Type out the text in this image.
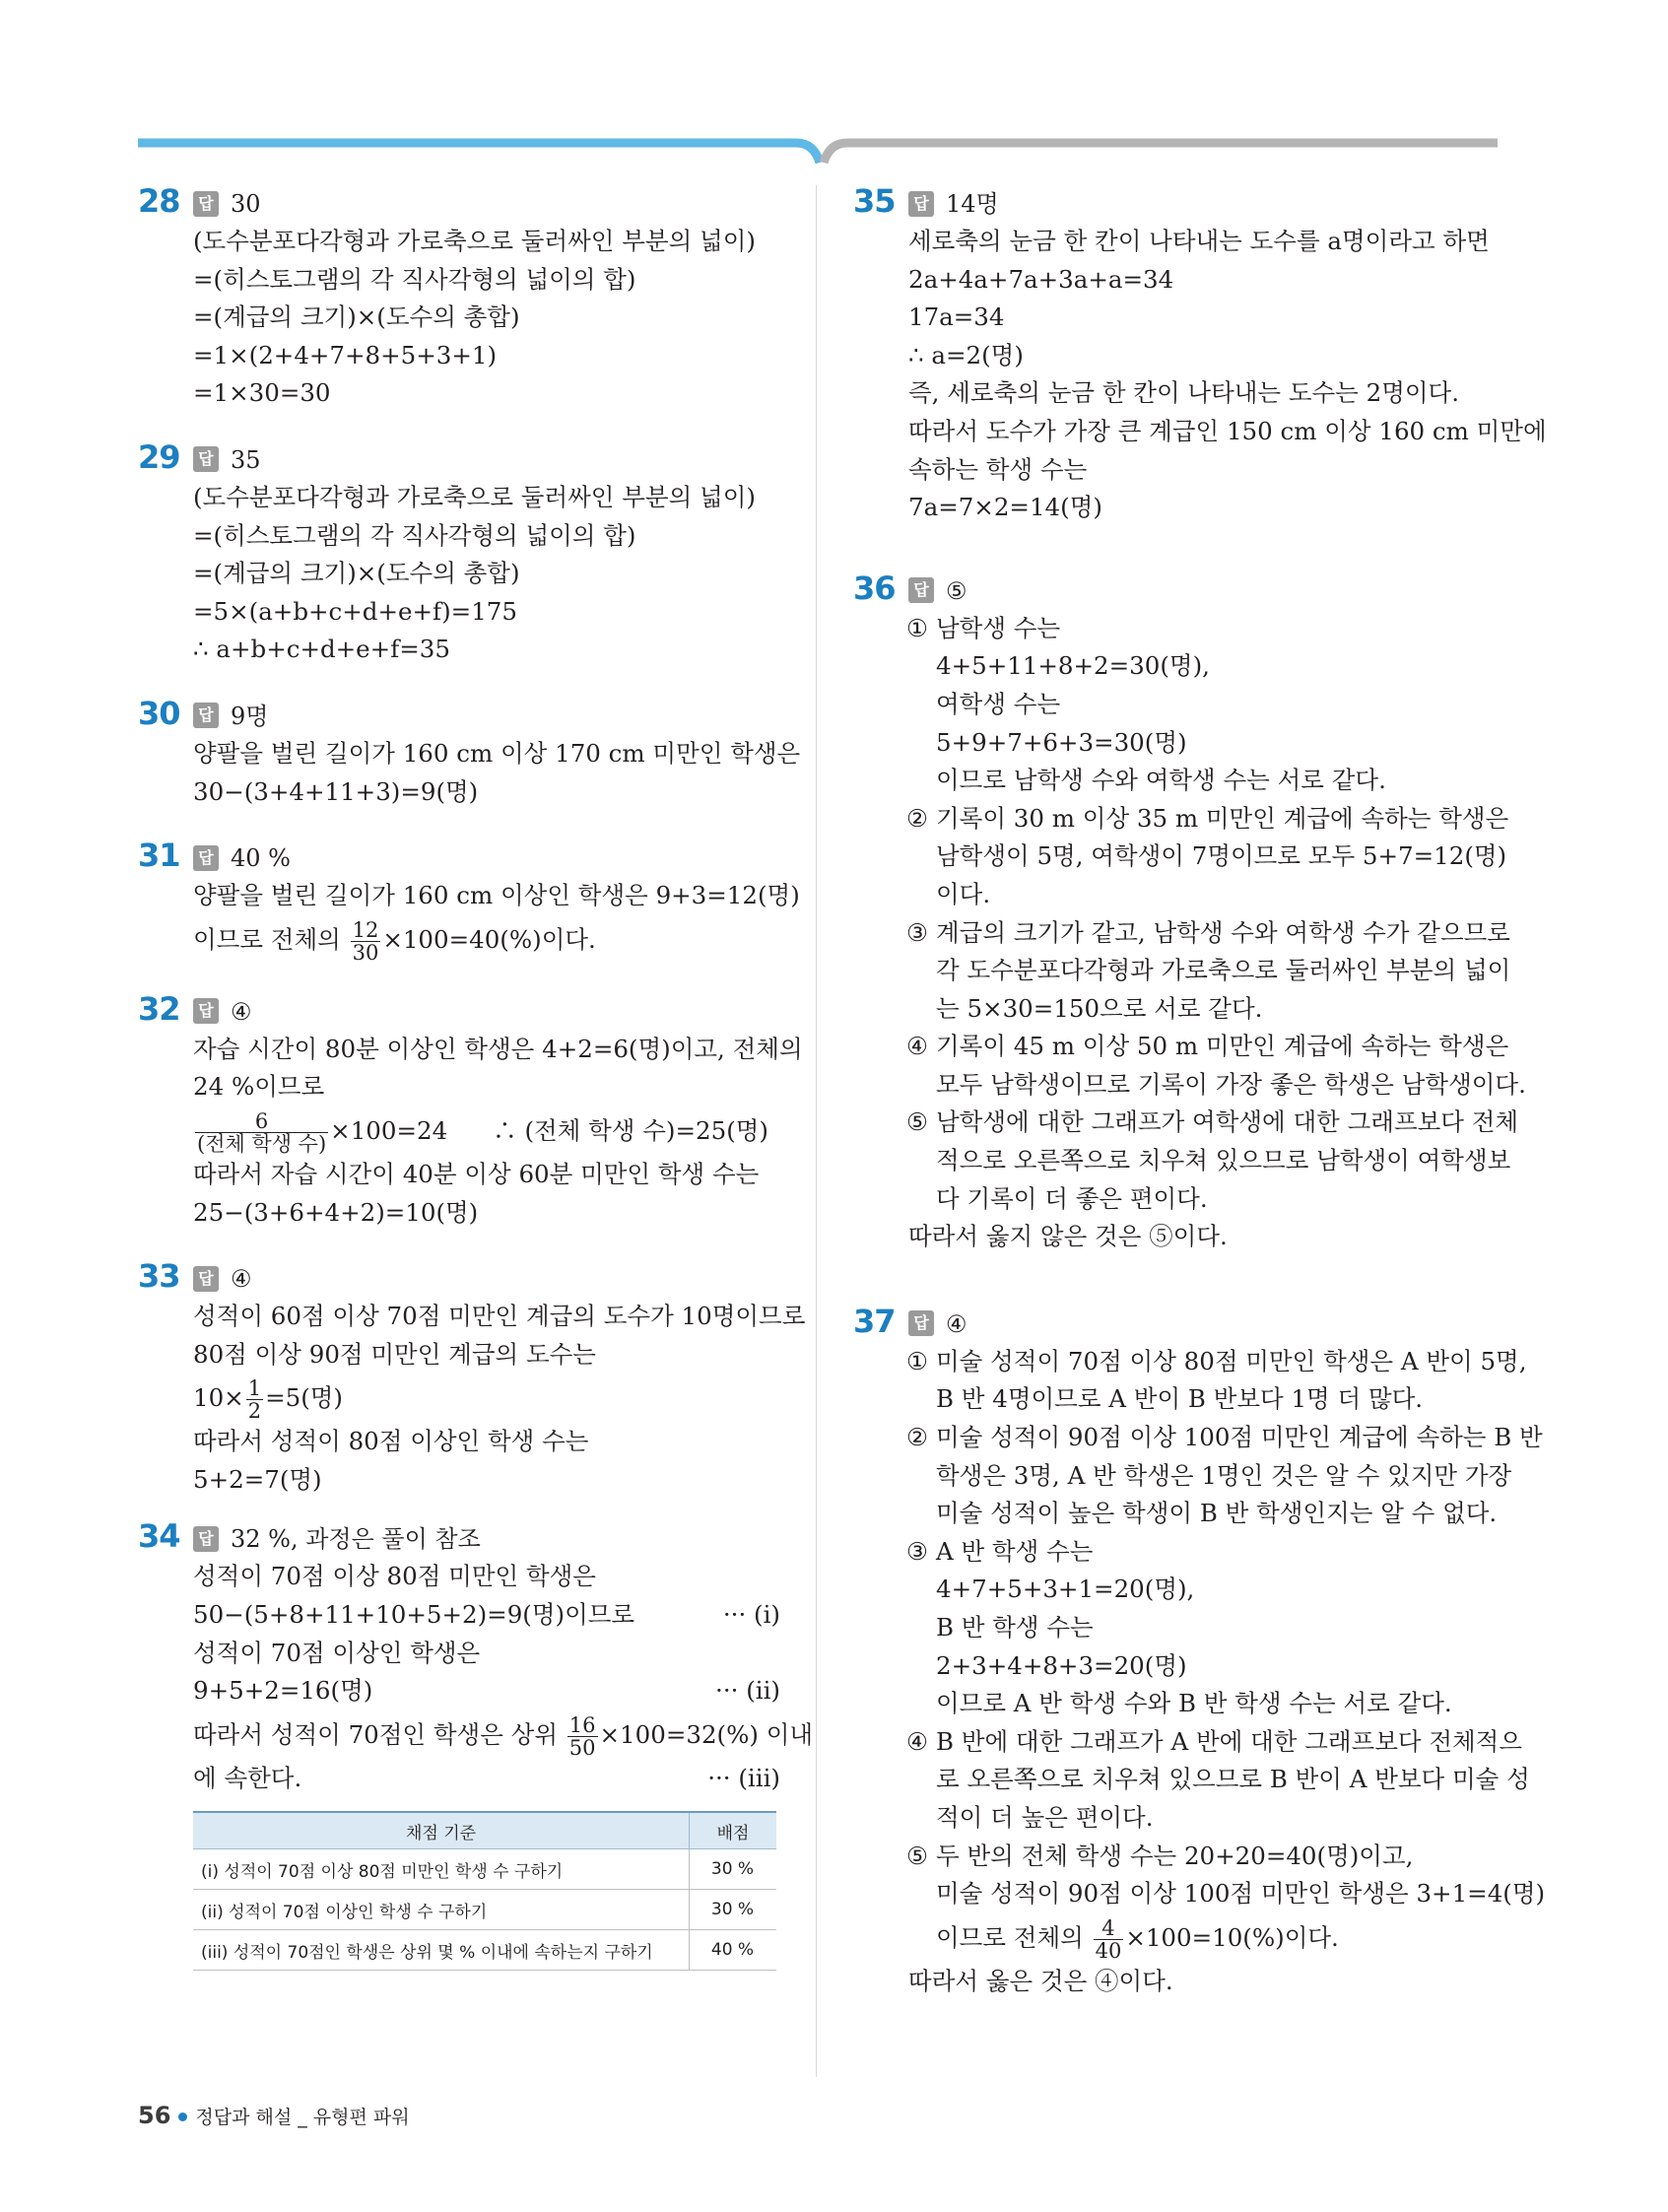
28	답 30
(도수분포다각형과 가로축으로 둘러싸인 부분의 넓이)
=(히스토그램의 각 직사각형의 넓이의 합)
=(계급의 크기)×(도수의 총합)
=1×(2+4+7+8+5+3+1)
=1×30=30
29	답 35
(도수분포다각형과 가로축으로 둘러싸인 부분의 넓이)
=(히스토그램의 각 직사각형의 넓이의 합)
=(계급의 크기)×(도수의 총합)
=5×(a+b+c+d+e+f)=175
∴ a+b+c+d+e+f=35
30	답 9명
양팔을 벌린 길이가 160 cm 이상 170 cm 미만인 학생은
30−(3+4+11+3)=9(명)
31	답 40 %
양팔을 벌린 길이가 160 cm 이상인 학생은 9+3=12(명)
이므로 전체의 $\frac{12}{30} \times 100=40(\%)$이다.
32	답 ④
자습 시간이 80분 이상인 학생은 4+2=6(명)이고, 전체의
24 %이므로
$\frac{6}{\text{(전체 학생 수)}} \times 100=24$ ∴ (전체 학생 수)=25(명)
따라서 자습 시간이 40분 이상 60분 미만인 학생 수는
25−(3+6+4+2)=10(명)
33	답 ④
성적이 60점 이상 70점 미만인 계급의 도수가 10명이므로
80점 이상 90점 미만인 계급의 도수는
$10\times \frac{1}{2} =5$(명)
따라서 성적이 80점 이상인 학생 수는
5+2=7(명)
34	답 32 %, 과정은 풀이 참조
성적이 70점 이상 80점 미만인 학생은
50−(5+8+11+10+5+2)=9(명)이므로	··· (i)
성적이 70점 이상인 학생은
9+5+2=16(명)	··· (ii)
따라서 성적이 70점인 학생은 상위 $\frac{16}{50} \times 100=32(\%)$ 이내
에 속한다.	··· (iii)
채점 기준	배점
(i) 성적이 70점 이상 80점 미만인 학생 수 구하기	30 %
(ii) 성적이 70점 이상인 학생 수 구하기	30 %
(iii) 성적이 70점인 학생은 상위 몇 % 이내에 속하는지 구하기	40 %
35	답 14명
세로축의 눈금 한 칸이 나타내는 도수를 a명이라고 하면
2a+4a+7a+3a+a=34
17a=34
∴ a=2(명)
즉, 세로축의 눈금 한 칸이 나타내는 도수는 2명이다.
따라서 도수가 가장 큰 계급인 150 cm 이상 160 cm 미만에
속하는 학생 수는
7a=7×2=14(명)
36	답 ⑤
① 남학생 수는
4+5+11+8+2=30(명),
여학생 수는
5+9+7+6+3=30(명)
이므로 남학생 수와 여학생 수는 서로 같다.
② 기록이 30 m 이상 35 m 미만인 계급에 속하는 학생은
남학생이 5명, 여학생이 7명이므로 모두 5+7=12(명)
이다.
③ 계급의 크기가 같고, 남학생 수와 여학생 수가 같으므로
각 도수분포다각형과 가로축으로 둘러싸인 부분의 넓이
는 5×30=150으로 서로 같다.
④ 기록이 45 m 이상 50 m 미만인 계급에 속하는 학생은
모두 남학생이므로 기록이 가장 좋은 학생은 남학생이다.
⑤ 남학생에 대한 그래프가 여학생에 대한 그래프보다 전체
적으로 오른쪽으로 치우쳐 있으므로 남학생이 여학생보
다 기록이 더 좋은 편이다.
따라서 옳지 않은 것은 ⑤이다.
37	답 ④
① 미술 성적이 70점 이상 80점 미만인 학생은 A 반이 5명,
B 반 4명이므로 A 반이 B 반보다 1명 더 많다.
② 미술 성적이 90점 이상 100점 미만인 계급에 속하는 B 반
학생은 3명, A 반 학생은 1명인 것은 알 수 있지만 가장
미술 성적이 높은 학생이 B 반 학생인지는 알 수 없다.
③ A 반 학생 수는
4+7+5+3+1=20(명),
B 반 학생 수는
2+3+4+8+3=20(명)
이므로 A 반 학생 수와 B 반 학생 수는 서로 같다.
④ B 반에 대한 그래프가 A 반에 대한 그래프보다 전체적으
로 오른쪽으로 치우쳐 있으므로 B 반이 A 반보다 미술 성
적이 더 높은 편이다.
⑤ 두 반의 전체 학생 수는 20+20=40(명)이고,
미술 성적이 90점 이상 100점 미만인 학생은 3+1=4(명)
이므로 전체의 $\frac{4}{40} \times 100=10(\%)$이다.
따라서 옳은 것은 ④이다.
56 정답과 해설 _ 유형편 파워
